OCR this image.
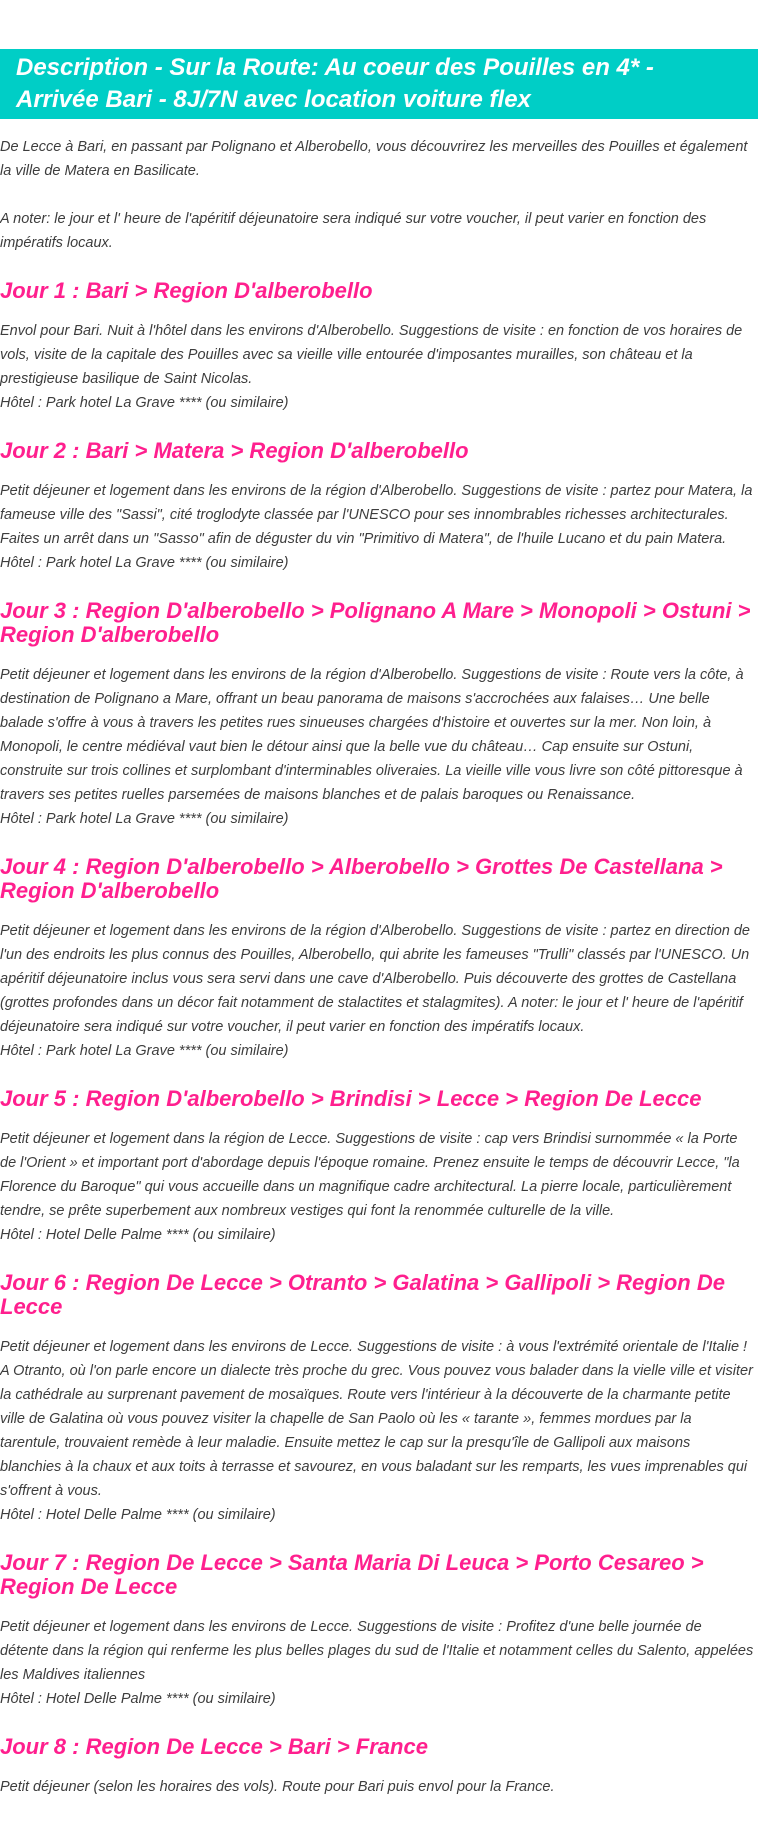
Description - Sur la Route: Au coeur des Pouilles en 4* - Arrivée Bari - 8J/7N avec location voiture flex

De Lecce à Bari, en passant par Polignano et Alberobello, vous découvrirez les merveilles des Pouilles et également la ville de Matera en Basilicate.

A noter: le jour et l' heure de l'apéritif déjeunatoire sera indiqué sur votre voucher, il peut varier en fonction des impératifs locaux.

Jour 1 : Bari > Region D'alberobello

Envol pour Bari. Nuit à l'hôtel dans les environs d'Alberobello. Suggestions de visite : en fonction de vos horaires de vols, visite de la capitale des Pouilles avec sa vieille ville entourée d'imposantes murailles, son château et la prestigieuse basilique de Saint Nicolas.
Hôtel : Park hotel La Grave **** (ou similaire)

Jour 2 : Bari > Matera > Region D'alberobello

Petit déjeuner et logement dans les environs de la région d'Alberobello. Suggestions de visite : partez pour Matera, la fameuse ville des "Sassi", cité troglodyte classée par l'UNESCO pour ses innombrables richesses architecturales. Faites un arrêt dans un "Sasso" afin de déguster du vin "Primitivo di Matera", de l'huile Lucano et du pain Matera.
Hôtel : Park hotel La Grave **** (ou similaire)

Jour 3 : Region D'alberobello > Polignano A Mare > Monopoli > Ostuni > Region D'alberobello

Petit déjeuner et logement dans les environs de la région d'Alberobello. Suggestions de visite : Route vers la côte, à destination de Polignano a Mare, offrant un beau panorama de maisons s'accrochées aux falaises… Une belle balade s'offre à vous à travers les petites rues sinueuses chargées d'histoire et ouvertes sur la mer. Non loin, à Monopoli, le centre médiéval vaut bien le détour ainsi que la belle vue du château… Cap ensuite sur Ostuni, construite sur trois collines et surplombant d'interminables oliveraies. La vieille ville vous livre son côté pittoresque à travers ses petites ruelles parsemées de maisons blanches et de palais baroques ou Renaissance.
Hôtel : Park hotel La Grave **** (ou similaire)

Jour 4 : Region D'alberobello > Alberobello > Grottes De Castellana > Region D'alberobello

Petit déjeuner et logement dans les environs de la région d'Alberobello. Suggestions de visite : partez en direction de l'un des endroits les plus connus des Pouilles, Alberobello, qui abrite les fameuses "Trulli" classés par l'UNESCO. Un apéritif déjeunatoire inclus vous sera servi dans une cave d'Alberobello. Puis découverte des grottes de Castellana (grottes profondes dans un décor fait notamment de stalactites et stalagmites). A noter: le jour et l' heure de l'apéritif déjeunatoire sera indiqué sur votre voucher, il peut varier en fonction des impératifs locaux.
Hôtel : Park hotel La Grave **** (ou similaire)

Jour 5 : Region D'alberobello > Brindisi > Lecce > Region De Lecce

Petit déjeuner et logement dans la région de Lecce. Suggestions de visite : cap vers Brindisi surnommée « la Porte de l'Orient » et important port d'abordage depuis l'époque romaine. Prenez ensuite le temps de découvrir Lecce, "la Florence du Baroque" qui vous accueille dans un magnifique cadre architectural. La pierre locale, particulièrement tendre, se prête superbement aux nombreux vestiges qui font la renommée culturelle de la ville.
Hôtel : Hotel Delle Palme **** (ou similaire)

Jour 6 : Region De Lecce > Otranto > Galatina > Gallipoli > Region De Lecce

Petit déjeuner et logement dans les environs de Lecce. Suggestions de visite : à vous l'extrémité orientale de l'Italie ! A Otranto, où l'on parle encore un dialecte très proche du grec. Vous pouvez vous balader dans la vielle ville et visiter la cathédrale au surprenant pavement de mosaïques. Route vers l'intérieur à la découverte de la charmante petite ville de Galatina où vous pouvez visiter la chapelle de San Paolo où les « tarante », femmes mordues par la tarentule, trouvaient remède à leur maladie. Ensuite mettez le cap sur la presqu'île de Gallipoli aux maisons blanchies à la chaux et aux toits à terrasse et savourez, en vous baladant sur les remparts, les vues imprenables qui s'offrent à vous.
Hôtel : Hotel Delle Palme **** (ou similaire)

Jour 7 : Region De Lecce > Santa Maria Di Leuca > Porto Cesareo > Region De Lecce

Petit déjeuner et logement dans les environs de Lecce. Suggestions de visite : Profitez d'une belle journée de détente dans la région qui renferme les plus belles plages du sud de l'Italie et notamment celles du Salento, appelées les Maldives italiennes
Hôtel : Hotel Delle Palme **** (ou similaire)

Jour 8 : Region De Lecce > Bari > France

Petit déjeuner (selon les horaires des vols). Route pour Bari puis envol pour la France.
